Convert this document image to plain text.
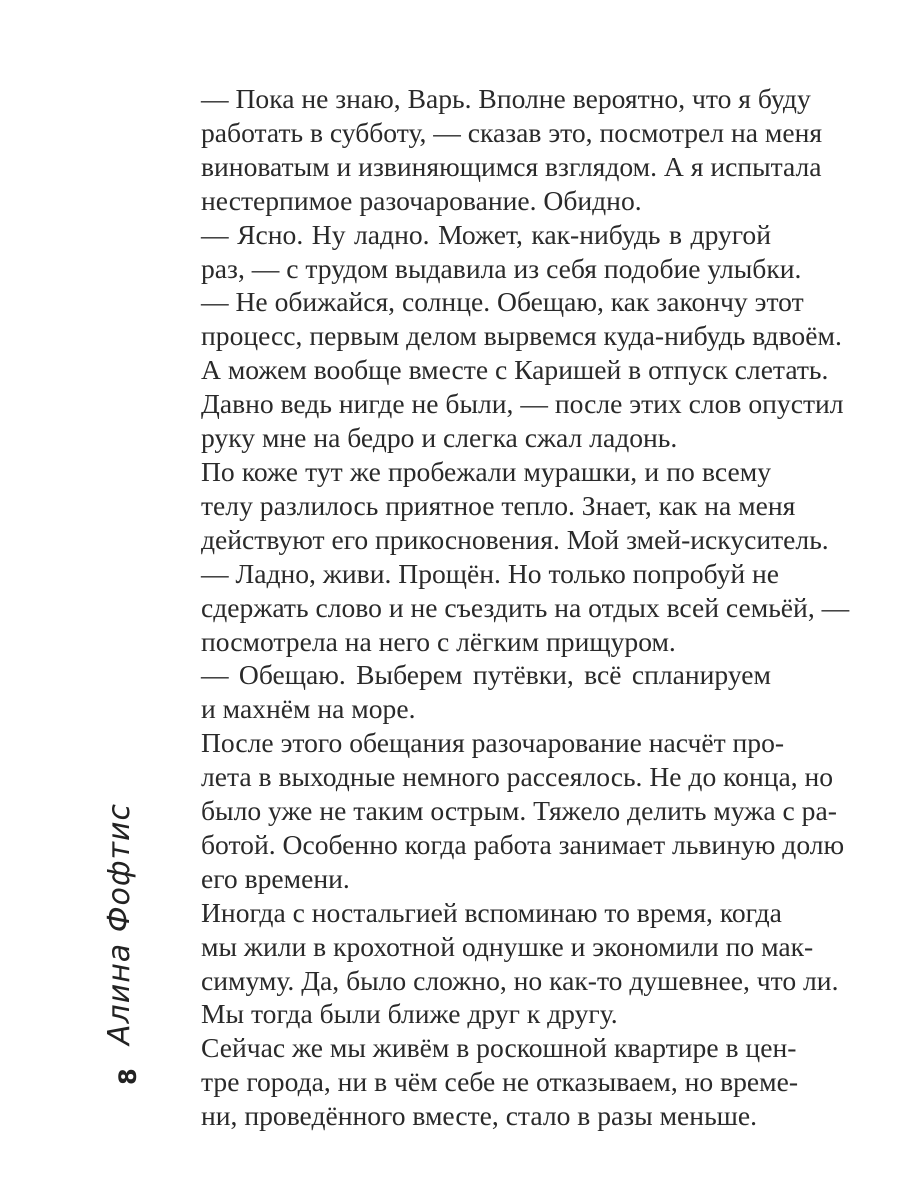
— Пока не знаю, Варь. Вполне вероятно, что я буду
работать в субботу, — сказав это, посмотрел на меня
виноватым и извиняющимся взглядом. А я испытала
нестерпимое разочарование. Обидно.

— Ясно. Ну ладно. Может, как-нибудь в другой
раз, — с трудом выдавила из себя подобие улыбки.

— Не обижайся, солнце. Обещаю, как закончу этот
процесс, первым делом вырвемся куда-нибудь вдвоём.
А можем вообще вместе с Каришей в отпуск слетать.
Давно ведь нигде не были, — после этих слов опустил
руку мне на бедро и слегка сжал ладонь.

По коже тут же пробежали мурашки, и по всему
телу разлилось приятное тепло. Знает, как на меня
действуют его прикосновения. Мой змей-искуситель.

— Ладно, живи. Прощён. Но только попробуй не
сдержать слово и не съездить на отдых всей семьёй, —
посмотрела на него с лёгким прищуром.

— Обещаю. Выберем путёвки, всё спланируем
и махнём на море.

После этого обещания разочарование насчёт про-
лета в выходные немного рассеялось. Не до конца, но
было уже не таким острым. Тяжело делить мужа с ра-
ботой. Особенно когда работа занимает львиную долю
его времени.

Иногда с ностальгией вспоминаю то время, когда
мы жили в крохотной однушке и экономили по мак-
симуму. Да, было сложно, но как-то душевнее, что ли.
Мы тогда были ближе друг к другу.

Сейчас же мы живём в роскошной квартире в цен-
тре города, ни в чём себе не отказываем, но време-
ни, проведённого вместе, стало в разы меньше.

Алина Фофтис
8
